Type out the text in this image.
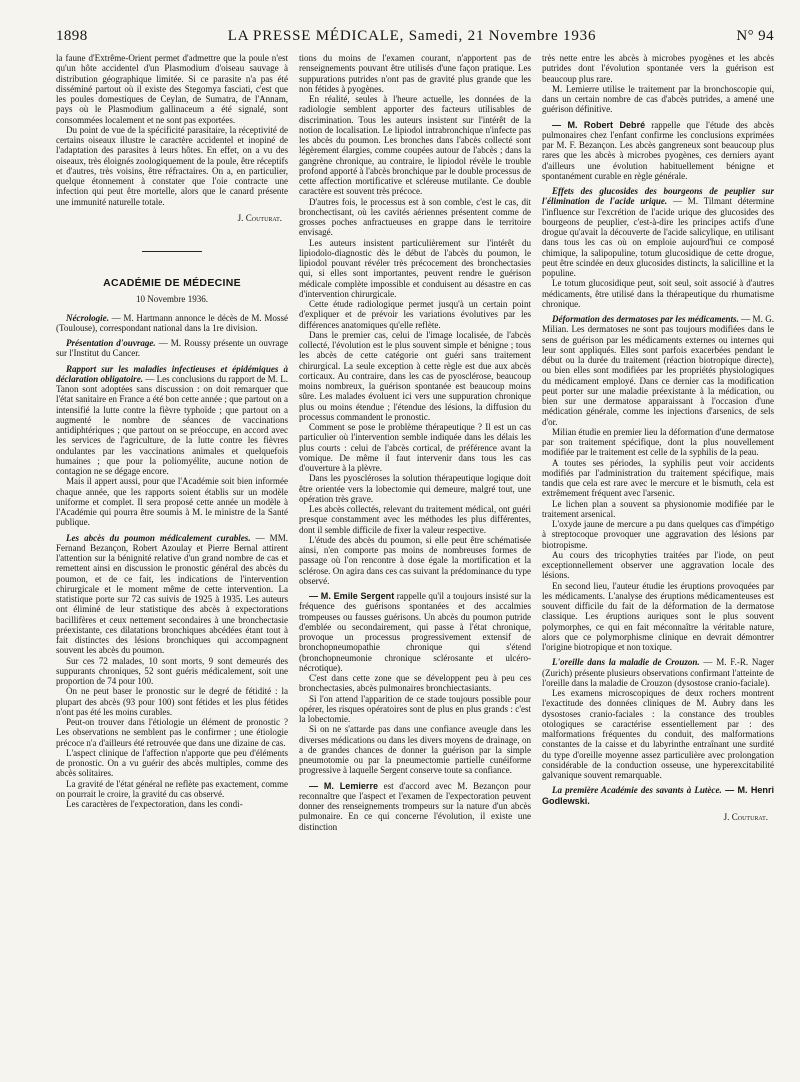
1898	LA PRESSE MÉDICALE, Samedi, 21 Novembre 1936	N° 94

la faune d'Extrême-Orient permet d'admettre que la poule n'est qu'un hôte accidentel d'un Plasmodium d'oiseau sauvage à distribution géographique limitée. Si ce parasite n'a pas été disséminé partout où il existe des Stegomya fasciati, c'est que les poules domestiques de Ceylan, de Sumatra, de l'Annam, pays où le Plasmodium gallinaceum a été signalé, sont consommées localement et ne sont pas exportées.

Du point de vue de la spécificité parasitaire, la réceptivité de certains oiseaux illustre le caractère accidentel et inopiné de l'adaptation des parasites à leurs hôtes. En effet, on a vu des oiseaux, très éloignés zoologiquement de la poule, être réceptifs et d'autres, très voisins, être réfractaires. On a, en particulier, quelque étonnement à constater que l'oie contracte une infection qui peut être mortelle, alors que le canard présente une immunité naturelle totale.

J. Couturat.

ACADÉMIE DE MÉDECINE
10 Novembre 1936.

Nécrologie. — M. Hartmann annonce le décès de M. Mossé (Toulouse), correspondant national dans la 1re division.

Présentation d'ouvrage. — M. Roussy présente un ouvrage sur l'Institut du Cancer.

Rapport sur les maladies infectieuses et épidémiques à déclaration obligatoire. — Les conclusions du rapport de M. L. Tanon sont adoptées sans discussion : on doit remarquer que l'état sanitaire en France a été bon cette année ; que partout on a intensifié la lutte contre la fièvre typhoïde ; que partout on a augmenté le nombre de séances de vaccinations antidiphtériques ; que partout on se préoccupe, en accord avec les services de l'agriculture, de la lutte contre les fièvres ondulantes par les vaccinations animales et quelquefois humaines ; que pour la poliomyélite, aucune notion de contagion ne se dégage encore.

Mais il appert aussi, pour que l'Académie soit bien informée chaque année, que les rapports soient établis sur un modèle uniforme et complet. Il sera proposé cette année un modèle à l'Académie qui pourra être soumis à M. le ministre de la Santé publique.

Les abcès du poumon médicalement curables. — MM. Fernand Bezançon, Robert Azoulay et Pierre Bernal attirent l'attention sur la bénignité relative d'un grand nombre de cas et remettent ainsi en discussion le pronostic général des abcès du poumon, et de ce fait, les indications de l'intervention chirurgicale et le moment même de cette intervention. La statistique porte sur 72 cas suivis de 1925 à 1935. Les auteurs ont éliminé de leur statistique des abcès à expectorations bacillifères et ceux nettement secondaires à une bronchectasie préexistante, ces dilatations bronchiques abcédées étant tout à fait distinctes des lésions bronchiques qui accompagnent souvent les abcès du poumon.

Sur ces 72 malades, 10 sont morts, 9 sont demeurés des suppurants chroniques, 52 sont guéris médicalement, soit une proportion de 74 pour 100.

On ne peut baser le pronostic sur le degré de fétidité : la plupart des abcès (93 pour 100) sont fétides et les plus fétides n'ont pas été les moins curables.

Peut-on trouver dans l'étiologie un élément de pronostic ? Les observations ne semblent pas le confirmer ; une étiologie précoce n'a d'ailleurs été retrouvée que dans une dizaine de cas.

L'aspect clinique de l'affection n'apporte que peu d'éléments de pronostic. On a vu guérir des abcès multiples, comme des abcès solitaires.

La gravité de l'état général ne reflète pas exactement, comme on pourrait le croire, la gravité du cas observé.

Les caractères de l'expectoration, dans les condi-

tions du moins de l'examen courant, n'apportent pas de renseignements pouvant être utilisés d'une façon pratique. Les suppurations putrides n'ont pas de gravité plus grande que les non fétides à pyogènes.

En réalité, seules à l'heure actuelle, les données de la radiologie semblent apporter des facteurs utilisables de discrimination. Tous les auteurs insistent sur l'intérêt de la notion de localisation. Le lipiodol intrabronchique n'infecte pas les abcès du poumon. Les bronches dans l'abcès collecté sont légèrement élargies, comme coupées autour de l'abcès ; dans la gangrène chronique, au contraire, le lipiodol révèle le trouble profond apporté à l'abcès bronchique par le double processus de cette affection mortificative et scléreuse mutilante. Ce double caractère est souvent très précoce.

D'autres fois, le processus est à son comble, c'est le cas, dit bronchectisant, où les cavités aériennes présentent comme de grosses poches anfractueuses en grappe dans le territoire envisagé.

Les auteurs insistent particulièrement sur l'intérêt du lipiodolo-diagnostic dès le début de l'abcès du poumon, le lipiodol pouvant révéler très précocement des bronchectasies qui, si elles sont importantes, peuvent rendre le guérison médicale complète impossible et conduisent au désastre en cas d'intervention chirurgicale.

Cette étude radiologique permet jusqu'à un certain point d'expliquer et de prévoir les variations évolutives par les différences anatomiques qu'elle reflète.

Dans le premier cas, celui de l'image localisée, de l'abcès collecté, l'évolution est le plus souvent simple et bénigne ; tous les abcès de cette catégorie ont guéri sans traitement chirurgical. La seule exception à cette règle est due aux abcès corticaux. Au contraire, dans les cas de pyosclérose, beaucoup moins nombreux, la guérison spontanée est beaucoup moins sûre. Les malades évoluent ici vers une suppuration chronique plus ou moins étendue ; l'étendue des lésions, la diffusion du processus commandent le pronostic.

Comment se pose le problème thérapeutique ? Il est un cas particulier où l'intervention semble indiquée dans les délais les plus courts : celui de l'abcès cortical, de préférence avant la vomique. De même il faut intervenir dans tous les cas d'ouverture à la plèvre.

Dans les pyoscléroses la solution thérapeutique logique doit être orientée vers la lobectomie qui demeure, malgré tout, une opération très grave.

Les abcès collectés, relevant du traitement médical, ont guéri presque constamment avec les méthodes les plus différentes, dont il semble difficile de fixer la valeur respective.

L'étude des abcès du poumon, si elle peut être schématisée ainsi, n'en comporte pas moins de nombreuses formes de passage où l'on rencontre à dose égale la mortification et la sclérose. On agira dans ces cas suivant la prédominance du type observé.

— M. Emile Sergent rappelle qu'il a toujours insisté sur la fréquence des guérisons spontanées et des accalmies trompeuses ou fausses guérisons. Un abcès du poumon putride d'emblée ou secondairement, qui passe à l'état chronique, provoque un processus progressivement extensif de bronchopneumopathie chronique qui s'étend (bronchopneumonie chronique sclérosante et ulcéro-nécrotique).

C'est dans cette zone que se développent peu à peu ces bronchectasies, abcès pulmonaires bronchiectasiants.

Si l'on attend l'apparition de ce stade toujours possible pour opérer, les risques opératoires sont de plus en plus grands : c'est la lobectomie.

Si on ne s'attarde pas dans une confiance aveugle dans les diverses médications ou dans les divers moyens de drainage, on a de grandes chances de donner la guérison par la simple pneumotomie ou par la pneumectomie partielle cunéiforme progressive à laquelle Sergent conserve toute sa confiance.

— M. Lemierre est d'accord avec M. Bezançon pour reconnaître que l'aspect et l'examen de l'expectoration peuvent donner des renseignements trompeurs sur la nature d'un abcès pulmonaire. En ce qui concerne l'évolution, il existe une distinction

très nette entre les abcès à microbes pyogènes et les abcès putrides dont l'évolution spontanée vers la guérison est beaucoup plus rare.

M. Lemierre utilise le traitement par la bronchoscopie qui, dans un certain nombre de cas d'abcès putrides, a amené une guérison définitive.

— M. Robert Debré rappelle que l'étude des abcès pulmonaires chez l'enfant confirme les conclusions exprimées par M. F. Bezançon. Les abcès gangreneux sont beaucoup plus rares que les abcès à microbes pyogènes, ces derniers ayant d'ailleurs une évolution habituellement bénigne et spontanément curable en règle générale.

Effets des glucosides des bourgeons de peuplier sur l'élimination de l'acide urique. — M. Tilmant détermine l'influence sur l'excrétion de l'acide urique des glucosides des bourgeons de peuplier, c'est-à-dire les principes actifs d'une drogue qu'avait la découverte de l'acide salicylique, en utilisant dans tous les cas où on emploie aujourd'hui ce composé chimique, la salipopuline, totum glucosidique de cette drogue, peut être scindée en deux glucosides distincts, la salicilline et la populine.

Le totum glucosidique peut, soit seul, soit associé à d'autres médicaments, être utilisé dans la thérapeutique du rhumatisme chronique.

Déformation des dermatoses par les médicaments. — M. G. Milian. Les dermatoses ne sont pas toujours modifiées dans le sens de guérison par les médicaments externes ou internes qui leur sont appliqués. Elles sont parfois exacerbées pendant le début ou la durée du traitement (réaction biotropique directe), ou bien elles sont modifiées par les propriétés physiologiques du médicament employé. Dans ce dernier cas la modification peut porter sur une maladie préexistante à la médication, ou bien sur une dermatose apparaissant à l'occasion d'une médication générale, comme les injections d'arsenics, de sels d'or.

Milian étudie en premier lieu la déformation d'une dermatose par son traitement spécifique, dont la plus nouvellement modifiée par le traitement est celle de la syphilis de la peau.

A toutes ses périodes, la syphilis peut voir accidents modifiés par l'administration du traitement spécifique, mais tandis que cela est rare avec le mercure et le bismuth, cela est extrêmement fréquent avec l'arsenic.

Le lichen plan a souvent sa physionomie modifiée par le traitement arsenical.

L'oxyde jaune de mercure a pu dans quelques cas d'impétigo à streptocoque provoquer une aggravation des lésions par biotropisme.

Au cours des tricophyties traitées par l'iode, on peut exceptionnellement observer une aggravation locale des lésions.

En second lieu, l'auteur étudie les éruptions provoquées par les médicaments. L'analyse des éruptions médicamenteuses est souvent difficile du fait de la déformation de la dermatose classique. Les éruptions auriques sont le plus souvent polymorphes, ce qui en fait méconnaître la véritable nature, alors que ce polymorphisme clinique en devrait démontrer l'origine biotropique et non toxique.

L'oreille dans la maladie de Crouzon. — M. F.-R. Nager (Zurich) présente plusieurs observations confirmant l'atteinte de l'oreille dans la maladie de Crouzon (dysostose cranio-faciale).

Les examens microscopiques de deux rochers montrent l'exactitude des données cliniques de M. Aubry dans les dysostoses cranio-faciales : la constance des troubles otologiques se caractérise essentiellement par : des malformations fréquentes du conduit, des malformations constantes de la caisse et du labyrinthe entraînant une surdité du type d'oreille moyenne assez particulière avec prolongation considérable de la conduction osseuse, une hyperexcitabilité galvanique souvent remarquable.

La première Académie des savants à Lutèce. — M. Henri Godlewski.

J. Couturat.
